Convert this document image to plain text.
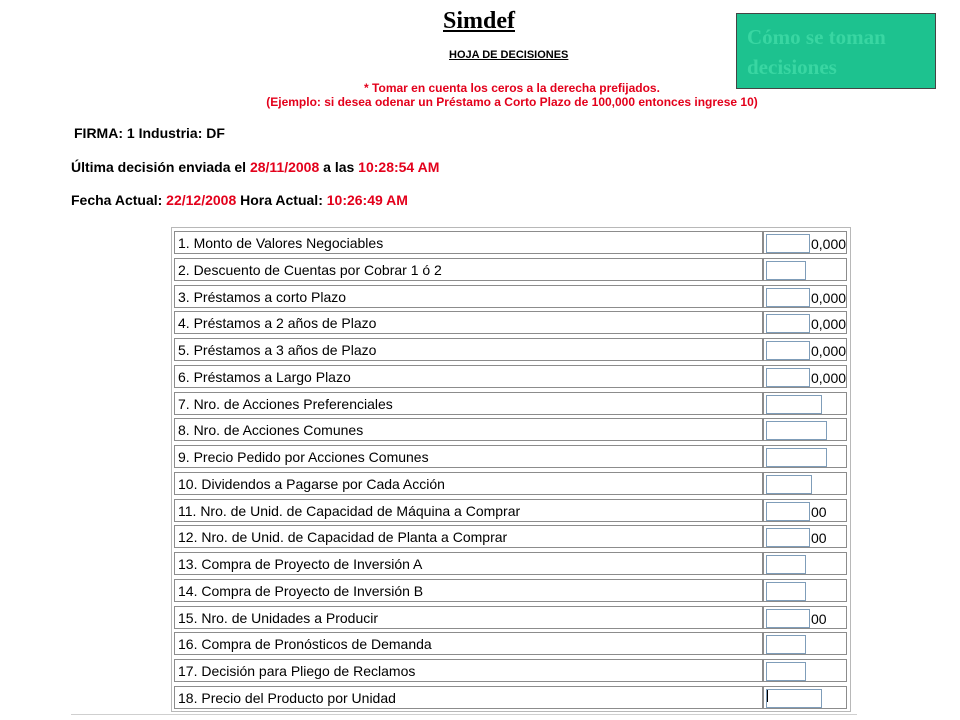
Simdef
HOJA DE DECISIONES
Cómo se toman decisiones
* Tomar en cuenta los ceros a la derecha prefijados.
(Ejemplo: si desea odenar un Préstamo a Corto Plazo de 100,000 entonces ingrese 10)
FIRMA: 1 Industria: DF
Última decisión enviada el 28/11/2008 a las 10:28:54 AM
Fecha Actual: 22/12/2008 Hora Actual: 10:26:49 AM
1. Monto de Valores Negociables	0,000
2. Descuento de Cuentas por Cobrar 1 ó 2
3. Préstamos a corto Plazo	0,000
4. Préstamos a 2 años de Plazo	0,000
5. Préstamos a 3 años de Plazo	0,000
6. Préstamos a Largo Plazo	0,000
7. Nro. de Acciones Preferenciales
8. Nro. de Acciones Comunes
9. Precio Pedido por Acciones Comunes
10. Dividendos a Pagarse por Cada Acción
11. Nro. de Unid. de Capacidad de Máquina a Comprar	00
12. Nro. de Unid. de Capacidad de Planta a Comprar	00
13. Compra de Proyecto de Inversión A
14. Compra de Proyecto de Inversión B
15. Nro. de Unidades a Producir	00
16. Compra de Pronósticos de Demanda
17. Decisión para Pliego de Reclamos
18. Precio del Producto por Unidad
